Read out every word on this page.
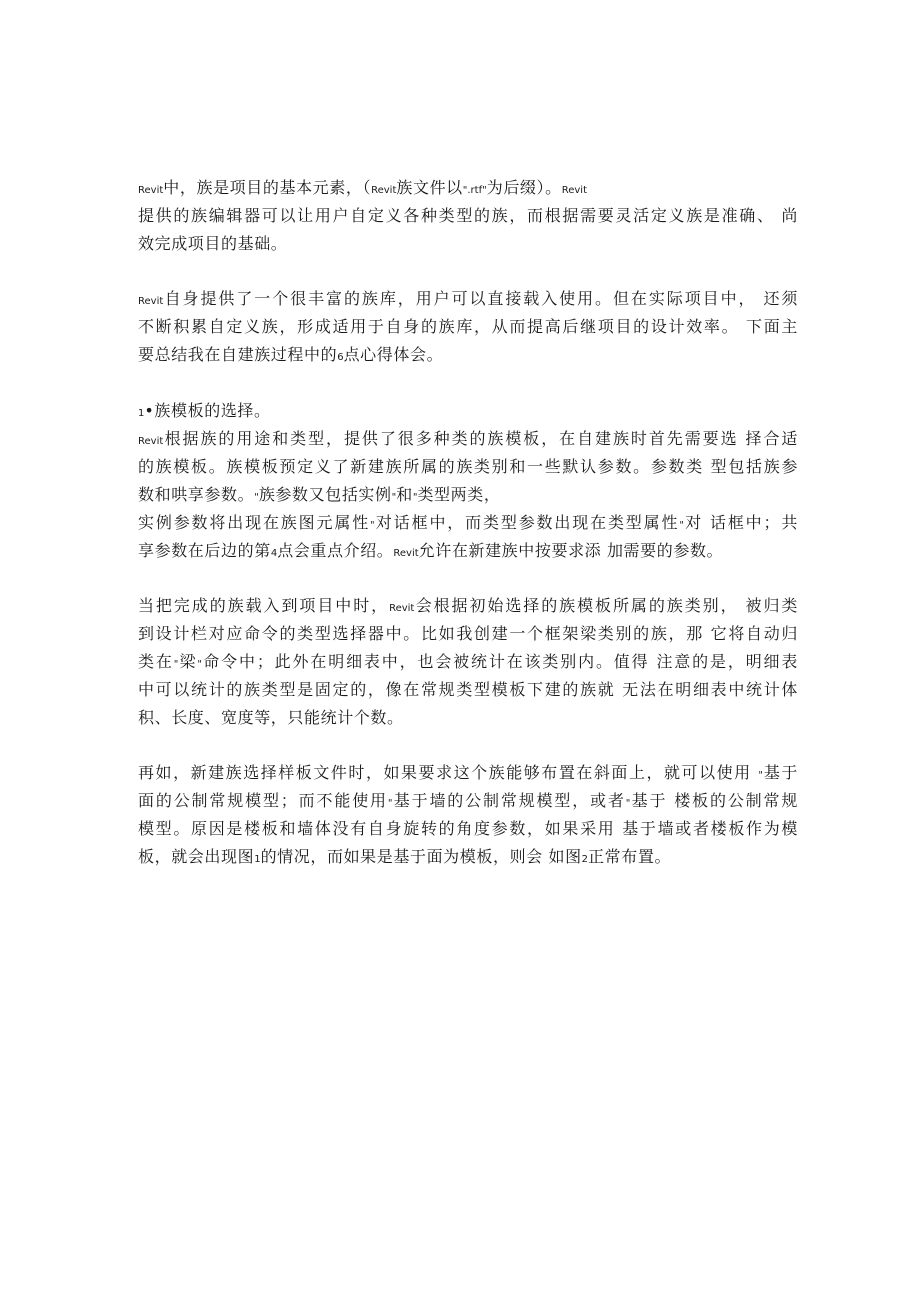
Revit中，族是项目的基本元素，（Revit族文件以".rtf"为后缀）。Revit
提供的族编辑器可以让用户自定义各种类型的族，而根据需要灵活定义族是准确、 尚
效完成项目的基础。
Revit自身提供了一个很丰富的族库，用户可以直接载入使用。但在实际项目中， 还须
不断积累自定义族，形成适用于自身的族库，从而提高后继项目的设计效率。 下面主
要总结我在自建族过程中的6点心得体会。
1•族模板的选择。
Revit根据族的用途和类型，提供了很多种类的族模板，在自建族时首先需要选 择合适
的族模板。族模板预定义了新建族所属的族类别和一些默认参数。参数类 型包括族参
数和哄享参数。"族参数又包括实例"和"类型两类，
实例参数将出现在族图元属性"对话框中，而类型参数出现在类型属性"对 话框中；共
享参数在后边的第4点会重点介绍。Revit允许在新建族中按要求添 加需要的参数。
当把完成的族载入到项目中时，Revit会根据初始选择的族模板所属的族类别， 被归类
到设计栏对应命令的类型选择器中。比如我创建一个框架梁类别的族，那 它将自动归
类在"梁"命令中；此外在明细表中，也会被统计在该类别内。值得 注意的是，明细表
中可以统计的族类型是固定的，像在常规类型模板下建的族就 无法在明细表中统计体
积、长度、宽度等，只能统计个数。
再如，新建族选择样板文件时，如果要求这个族能够布置在斜面上，就可以使用 "基于
面的公制常规模型；而不能使用"基于墙的公制常规模型，或者"基于 楼板的公制常规
模型。原因是楼板和墙体没有自身旋转的角度参数，如果采用 基于墙或者楼板作为模
板，就会出现图1的情况，而如果是基于面为模板，则会 如图2正常布置。
